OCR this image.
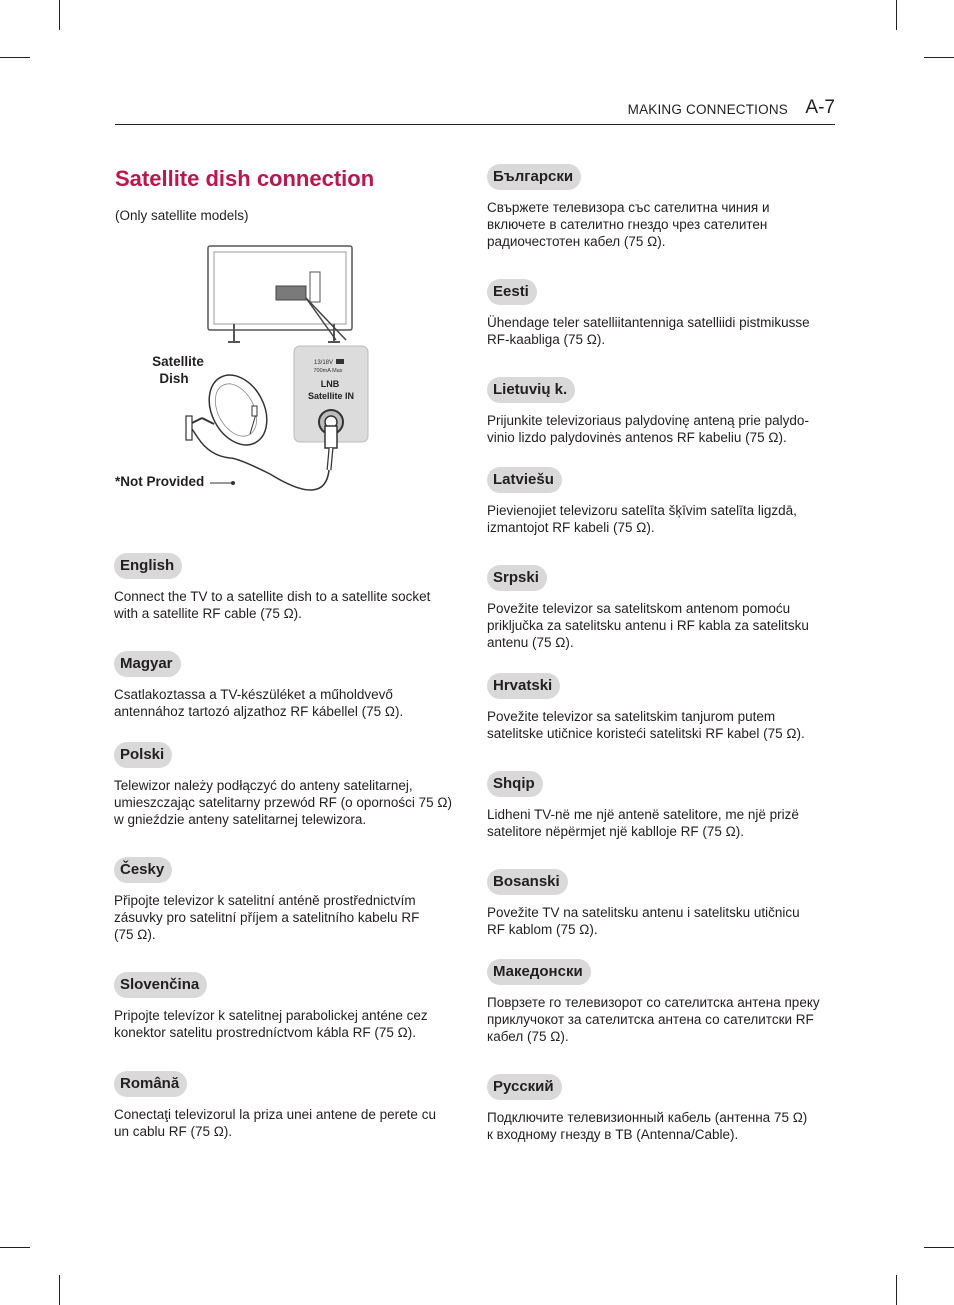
MAKING CONNECTIONS A-7
Satellite dish connection
(Only satellite models)
13/18V
700mA Max
LNB
Satellite IN
Satellite
Dish
*Not Provided
English
Connect the TV to a satellite dish to a satellite socket
with a satellite RF cable (75 Ω).
Magyar
Csatlakoztassa a TV-készüléket a műholdvevő
antennához tartozó aljzathoz RF kábellel (75 Ω).
Polski
Telewizor należy podłączyć do anteny satelitarnej,
umieszczając satelitarny przewód RF (o oporności 75 Ω)
w gnieździe anteny satelitarnej telewizora.
Česky
Připojte televizor k satelitní anténě prostřednictvím
zásuvky pro satelitní příjem a satelitního kabelu RF
(75 Ω).
Slovenčina
Pripojte televízor k satelitnej parabolickej anténe cez
konektor satelitu prostredníctvom kábla RF (75 Ω).
Română
Conectaţi televizorul la priza unei antene de perete cu
un cablu RF (75 Ω).
Български
Свържете телевизора със сателитна чиния и
включете в сателитно гнездо чрез сателитен
радиочестотен кабел (75 Ω).
Eesti
Ühendage teler satelliitantenniga satelliidi pistmikusse
RF-kaabliga (75 Ω).
Lietuvių k.
Prijunkite televizoriaus palydovinę anteną prie palydo-
vinio lizdo palydovinės antenos RF kabeliu (75 Ω).
Latviešu
Pievienojiet televizoru satelīta šķīvim satelīta ligzdā,
izmantojot RF kabeli (75 Ω).
Srpski
Povežite televizor sa satelitskom antenom pomoću
priključka za satelitsku antenu i RF kabla za satelitsku
antenu (75 Ω).
Hrvatski
Povežite televizor sa satelitskim tanjurom putem
satelitske utičnice koristeći satelitski RF kabel (75 Ω).
Shqip
Lidheni TV-në me një antenë satelitore, me një prizë
satelitore nëpërmjet një kablloje RF (75 Ω).
Bosanski
Povežite TV na satelitsku antenu i satelitsku utičnicu
RF kablom (75 Ω).
Македонски
Поврзете го телевизорот со сателитска антена преку
приклучокот за сателитска антена со сателитски RF
кабел (75 Ω).
Русский
Подключите телевизионный кабель (антенна 75 Ω)
к входному гнезду в ТВ (Antenna/Cable).
